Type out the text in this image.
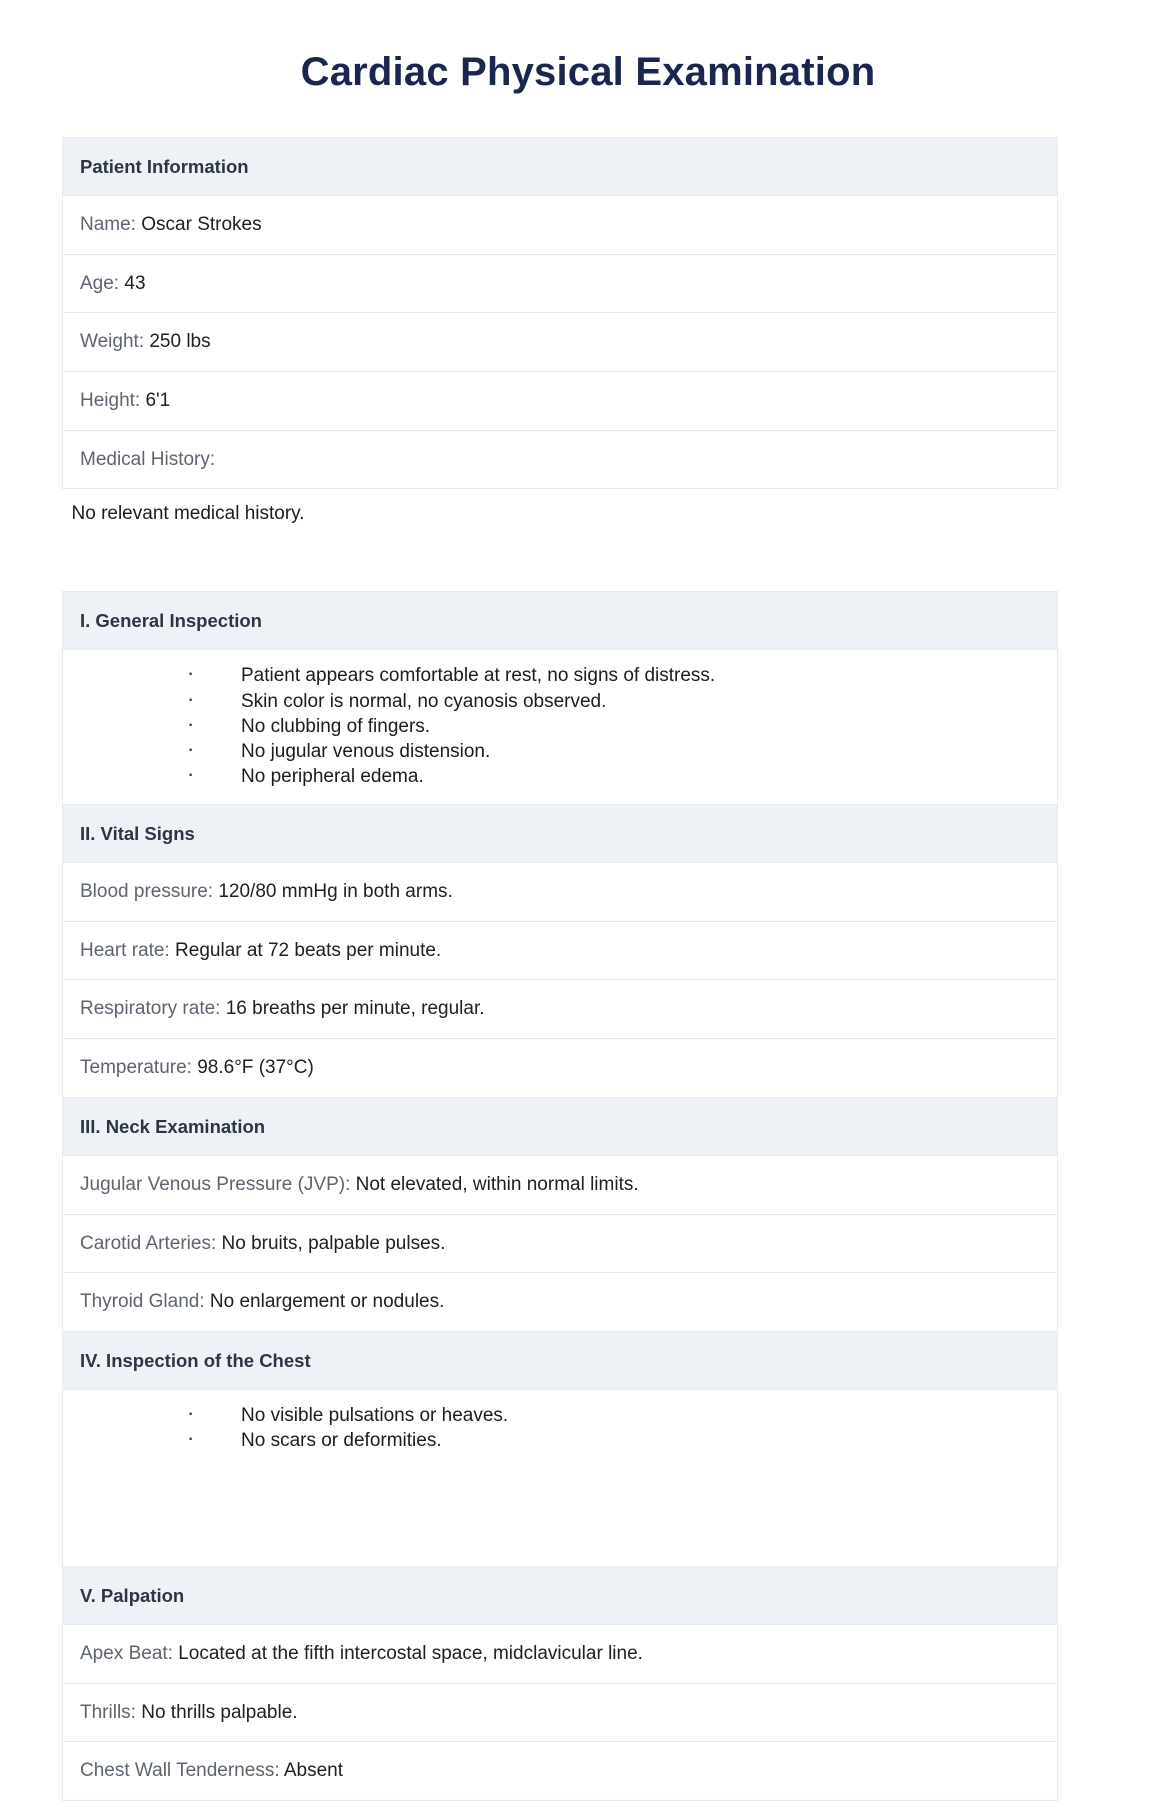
Cardiac Physical Examination
Patient Information
Name: Oscar Strokes
Age: 43
Weight: 250 lbs
Height: 6'1
Medical History:
No relevant medical history.
I. General Inspection

· Patient appears comfortable at rest, no signs of distress.
· Skin color is normal, no cyanosis observed.
· No clubbing of fingers.
· No jugular venous distension.
· No peripheral edema.

II. Vital Signs
Blood pressure: 120/80 mmHg in both arms.
Heart rate: Regular at 72 beats per minute.
Respiratory rate: 16 breaths per minute, regular.
Temperature: 98.6°F (37°C)
III. Neck Examination
Jugular Venous Pressure (JVP): Not elevated, within normal limits.
Carotid Arteries: No bruits, palpable pulses.
Thyroid Gland: No enlargement or nodules.
IV. Inspection of the Chest

· No visible pulsations or heaves.
· No scars or deformities.

V. Palpation
Apex Beat: Located at the fifth intercostal space, midclavicular line.
Thrills: No thrills palpable.
Chest Wall Tenderness: Absent
